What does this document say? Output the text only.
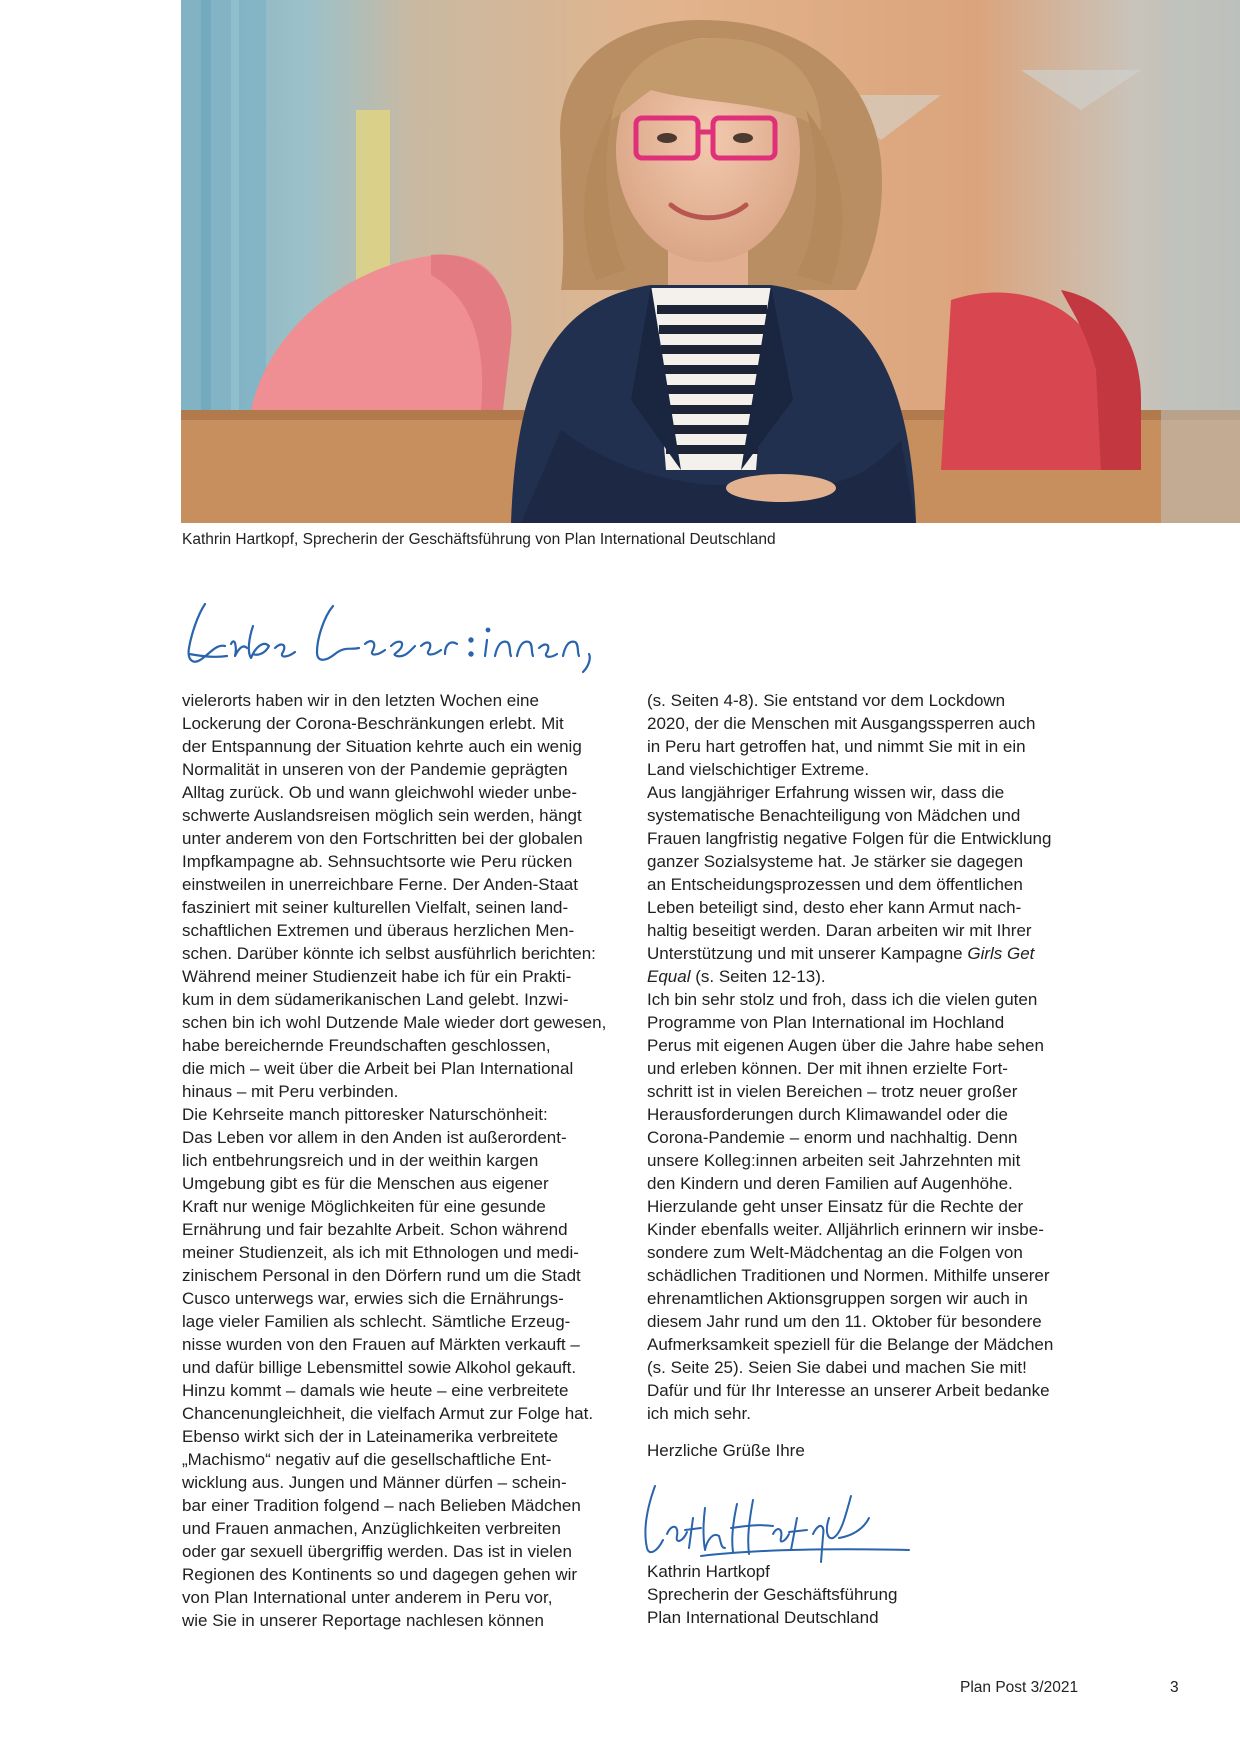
Kathrin Hartkopf, Sprecherin der Geschäftsführung von Plan International Deutschland
vielerorts haben wir in den letzten Wochen eine
Lockerung der Corona-Beschränkungen erlebt. Mit
der Entspannung der Situation kehrte auch ein wenig
Normalität in unseren von der Pandemie geprägten
Alltag zurück. Ob und wann gleichwohl wieder unbe-
schwerte Auslandsreisen möglich sein werden, hängt
unter anderem von den Fortschritten bei der globalen
Impfkampagne ab. Sehnsuchtsorte wie Peru rücken
einstweilen in unerreichbare Ferne. Der Anden-Staat
fasziniert mit seiner kulturellen Vielfalt, seinen land-
schaftlichen Extremen und überaus herzlichen Men-
schen. Darüber könnte ich selbst ausführlich berichten:
Während meiner Studienzeit habe ich für ein Prakti-
kum in dem südamerikanischen Land gelebt. Inzwi-
schen bin ich wohl Dutzende Male wieder dort gewesen,
habe bereichernde Freundschaften geschlossen,
die mich – weit über die Arbeit bei Plan International
hinaus – mit Peru verbinden.
Die Kehrseite manch pittoresker Naturschönheit:
Das Leben vor allem in den Anden ist außerordent-
lich entbehrungsreich und in der weithin kargen
Umgebung gibt es für die Menschen aus eigener
Kraft nur wenige Möglichkeiten für eine gesunde
Ernährung und fair bezahlte Arbeit. Schon während
meiner Studienzeit, als ich mit Ethnologen und medi-
zinischem Personal in den Dörfern rund um die Stadt
Cusco unterwegs war, erwies sich die Ernährungs-
lage vieler Familien als schlecht. Sämtliche Erzeug-
nisse wurden von den Frauen auf Märkten verkauft –
und dafür billige Lebensmittel sowie Alkohol gekauft.
Hinzu kommt – damals wie heute – eine verbreitete
Chancenungleichheit, die vielfach Armut zur Folge hat.
Ebenso wirkt sich der in Lateinamerika verbreitete
„Machismo“ negativ auf die gesellschaftliche Ent-
wicklung aus. Jungen und Männer dürfen – schein-
bar einer Tradition folgend – nach Belieben Mädchen
und Frauen anmachen, Anzüglichkeiten verbreiten
oder gar sexuell übergriffig werden. Das ist in vielen
Regionen des Kontinents so und dagegen gehen wir
von Plan International unter anderem in Peru vor,
wie Sie in unserer Reportage nachlesen können
(s. Seiten 4-8). Sie entstand vor dem Lockdown
2020, der die Menschen mit Ausgangssperren auch
in Peru hart getroffen hat, und nimmt Sie mit in ein
Land vielschichtiger Extreme.
Aus langjähriger Erfahrung wissen wir, dass die
systematische Benachteiligung von Mädchen und
Frauen langfristig negative Folgen für die Entwicklung
ganzer Sozialsysteme hat. Je stärker sie dagegen
an Entscheidungsprozessen und dem öffentlichen
Leben beteiligt sind, desto eher kann Armut nach-
haltig beseitigt werden. Daran arbeiten wir mit Ihrer
Unterstützung und mit unserer Kampagne Girls Get
Equal (s. Seiten 12-13).
Ich bin sehr stolz und froh, dass ich die vielen guten
Programme von Plan International im Hochland
Perus mit eigenen Augen über die Jahre habe sehen
und erleben können. Der mit ihnen erzielte Fort-
schritt ist in vielen Bereichen – trotz neuer großer
Herausforderungen durch Klimawandel oder die
Corona-Pandemie – enorm und nachhaltig. Denn
unsere Kolleg:innen arbeiten seit Jahrzehnten mit
den Kindern und deren Familien auf Augenhöhe.
Hierzulande geht unser Einsatz für die Rechte der
Kinder ebenfalls weiter. Alljährlich erinnern wir insbe-
sondere zum Welt-Mädchentag an die Folgen von
schädlichen Traditionen und Normen. Mithilfe unserer
ehrenamtlichen Aktionsgruppen sorgen wir auch in
diesem Jahr rund um den 11. Oktober für besondere
Aufmerksamkeit speziell für die Belange der Mädchen
(s. Seite 25). Seien Sie dabei und machen Sie mit!
Dafür und für Ihr Interesse an unserer Arbeit bedanke
ich mich sehr.
Herzliche Grüße Ihre
Kathrin Hartkopf
Sprecherin der Geschäftsführung
Plan International Deutschland
Plan Post 3/2021	3
